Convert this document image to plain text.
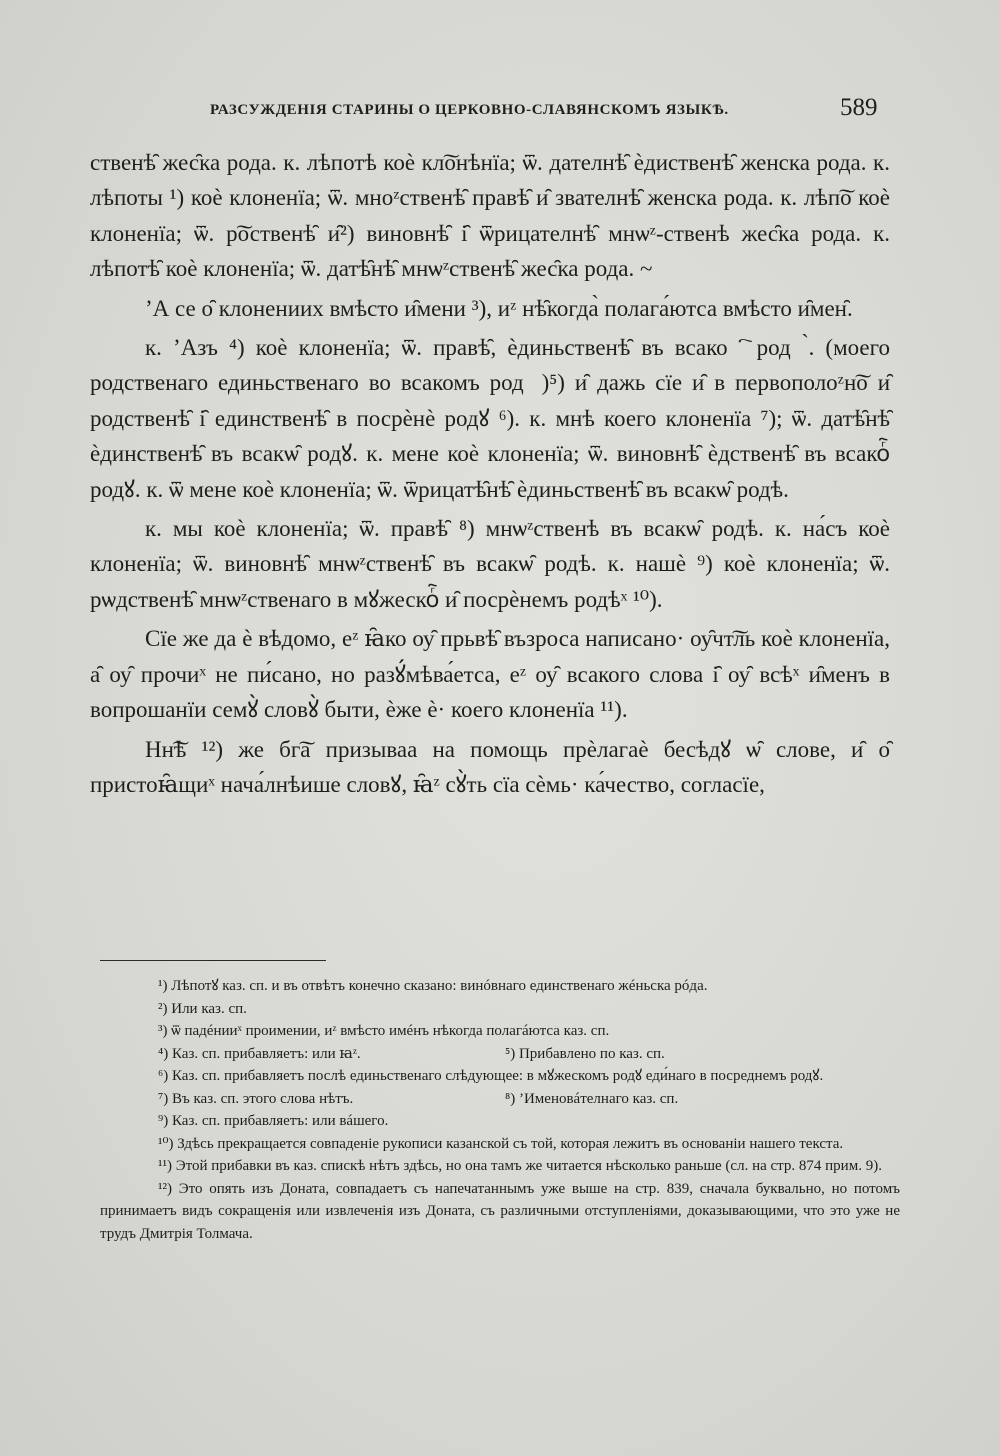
РАЗСУЖДЕНІЯ СТАРИНЫ О ЦЕРКОВНО-СЛАВЯНСКОМЪ ЯЗЫКѢ.	589

ственѣ̑ жес̑ка рода. к. лѣпотѣ коѐ кл͠онѣнїа; ѿ. дателнѣ̑ ѐдиственѣ̑ женска рода. к. лѣпоты ¹) коѐ клоненїа; ѿ. мноᶻственѣ̑ правѣ̑ и̑ звателнѣ̑ женска рода. к. лѣп͠о коѐ клоненїа; ѿ. р͠оственѣ̑ и̑²) виновнѣ̑ і̑ ѿрицателнѣ̑ мнѡᶻ-ственѣ жес̑ка рода. к. лѣпотѣ̑ коѐ клоненїа; ѿ. датѣ̑нѣ̑ мнѡᶻственѣ̑ жес̑ка рода. ~

’А се о̑ клонениих вмѣсто и̑мени ³), иᶻ нѣ̑когда̀ полага́ютса вмѣсто и̑мен̑.

к. ’Азъ ⁴) коѐ клоненїа; ѿ. правѣ̑, ѐдиньственѣ̑ въ всакоⷢ҇ родꙋ̀. (моего родственаго единьственаго во всакомъ родꙋ)⁵) и̑ дажь сїе и̑ в первополоᶻн͠о и̑ родственѣ̑ і̑ единственѣ̑ в посрѐнѐ родꙋ ⁶). к. мнѣ коего клоненїа ⁷); ѿ. датѣ̑нѣ̑ ѐдинственѣ̑ въ всакѡ̑ родꙋ. к. мене коѐ клоненїа; ѿ. виновнѣ̑ ѐдственѣ̑ въ всакоⷢ҇ родꙋ. к. ѿ мене коѐ клоненїа; ѿ. ѿрицатѣ̑нѣ̑ ѐдиньственѣ̑ въ всакѡ̑ родѣ.

к. мы коѐ клоненїа; ѿ. правѣ̑ ⁸) мнѡᶻственѣ въ всакѡ̑ родѣ. к. на́съ коѐ клоненїа; ѿ. виновнѣ̑ мнѡᶻственѣ̑ въ всакѡ̑ родѣ. к. нашѐ ⁹) коѐ клоненїа; ѿ. рѡдственѣ̑ мнѡᶻственаго в мꙋжескоⷢ҇ и̑ посрѐнемъ родѣˣ ¹⁰).

Сїе же да ѐ вѣдомо, еᶻ ꙗ̑ко оу̑ прьвѣ̑ възроса написано· оу̑чт͠ль коѐ клоненїа, а̑ оу̑ прочиˣ не пи́сано, но разꙋ́мѣва́етса, еᶻ оу̑ всакого слова і̑ оу̑ всѣˣ и̑менъ в вопрошанїи семꙋ̀ словꙋ̀ быти, ѐже ѐ· коего клоненїа ¹¹).

Нн͠ѣ ¹²) же бг͠а призываа на помощь прѐлагаѐ бесѣдꙋ ѡ̑ слове, и̑ о̑ пристоꙗ̑щиˣ нача́лнѣише словꙋ, ꙗ̑ᶻ сꙋ̀ть сїа сѐмь· ка́чество, согласїе,

¹) Лѣпотꙋ каз. сп. и въ отвѣтъ конечно сказано: винóвнаго единственаго жéньска рóда.

²) Или каз. сп.

³) ѿ падéнииˣ проимении, иᶻ вмѣсто имéнъ нѣкогда полагáютса каз. сп.

⁴) Каз. сп. прибавляетъ: или ꙗᶻ.	⁵) Прибавлено по каз. сп.

⁶) Каз. сп. прибавляетъ послѣ единьственаго слѣдующее: в мꙋжескомъ родꙋ еди́наго в посреднемъ родꙋ.

⁷) Въ каз. сп. этого слова нѣтъ.	⁸) ’Именовáтелнаго каз. сп.

⁹) Каз. сп. прибавляетъ: или вáшего.

¹⁰) Здѣсь прекращается совпаденіе рукописи казанской съ той, которая лежитъ въ основаніи нашего текста.

¹¹) Этой прибавки въ каз. спискѣ нѣтъ здѣсь, но она тамъ же читается нѣсколько раньше (сл. на стр. 874 прим. 9).

¹²) Это опять изъ Доната, совпадаетъ съ напечатаннымъ уже выше на стр. 839, сначала буквально, но потомъ принимаетъ видъ сокращенія или извлеченія изъ Доната, съ различными отступленіями, доказывающими, что это уже не трудъ Дмитрія Толмача.
